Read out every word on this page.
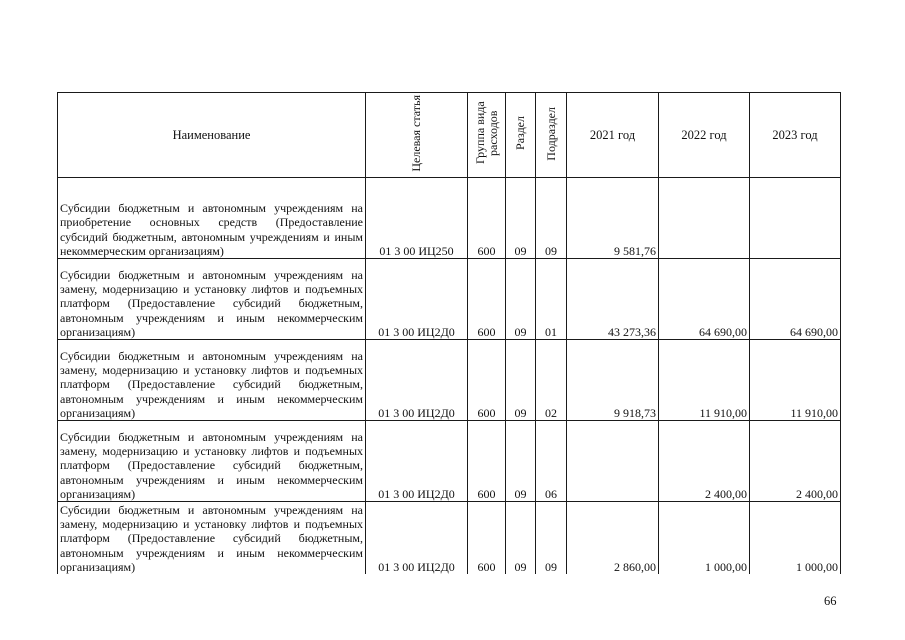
Наименование	Целевая статья	Группа вида расходов	Раздел	Подраздел	2021 год	2022 год	2023 год
Субсидии бюджетным и автономным учреждениям на приобретение основных средств (Предоставление субсидий бюджетным, автономным учреждениям и иным некоммерческим организациям)	01 3 00 ИЦ250	600	09	09	9 581,76		
Субсидии бюджетным и автономным учреждениям на замену, модернизацию и установку лифтов и подъемных платформ (Предоставление субсидий бюджетным, автономным учреждениям и иным некоммерческим организациям)	01 3 00 ИЦ2Д0	600	09	01	43 273,36	64 690,00	64 690,00
Субсидии бюджетным и автономным учреждениям на замену, модернизацию и установку лифтов и подъемных платформ (Предоставление субсидий бюджетным, автономным учреждениям и иным некоммерческим организациям)	01 3 00 ИЦ2Д0	600	09	02	9 918,73	11 910,00	11 910,00
Субсидии бюджетным и автономным учреждениям на замену, модернизацию и установку лифтов и подъемных платформ (Предоставление субсидий бюджетным, автономным учреждениям и иным некоммерческим организациям)	01 3 00 ИЦ2Д0	600	09	06		2 400,00	2 400,00
Субсидии бюджетным и автономным учреждениям на замену, модернизацию и установку лифтов и подъемных платформ (Предоставление субсидий бюджетным, автономным учреждениям и иным некоммерческим организациям)	01 3 00 ИЦ2Д0	600	09	09	2 860,00	1 000,00	1 000,00
66
